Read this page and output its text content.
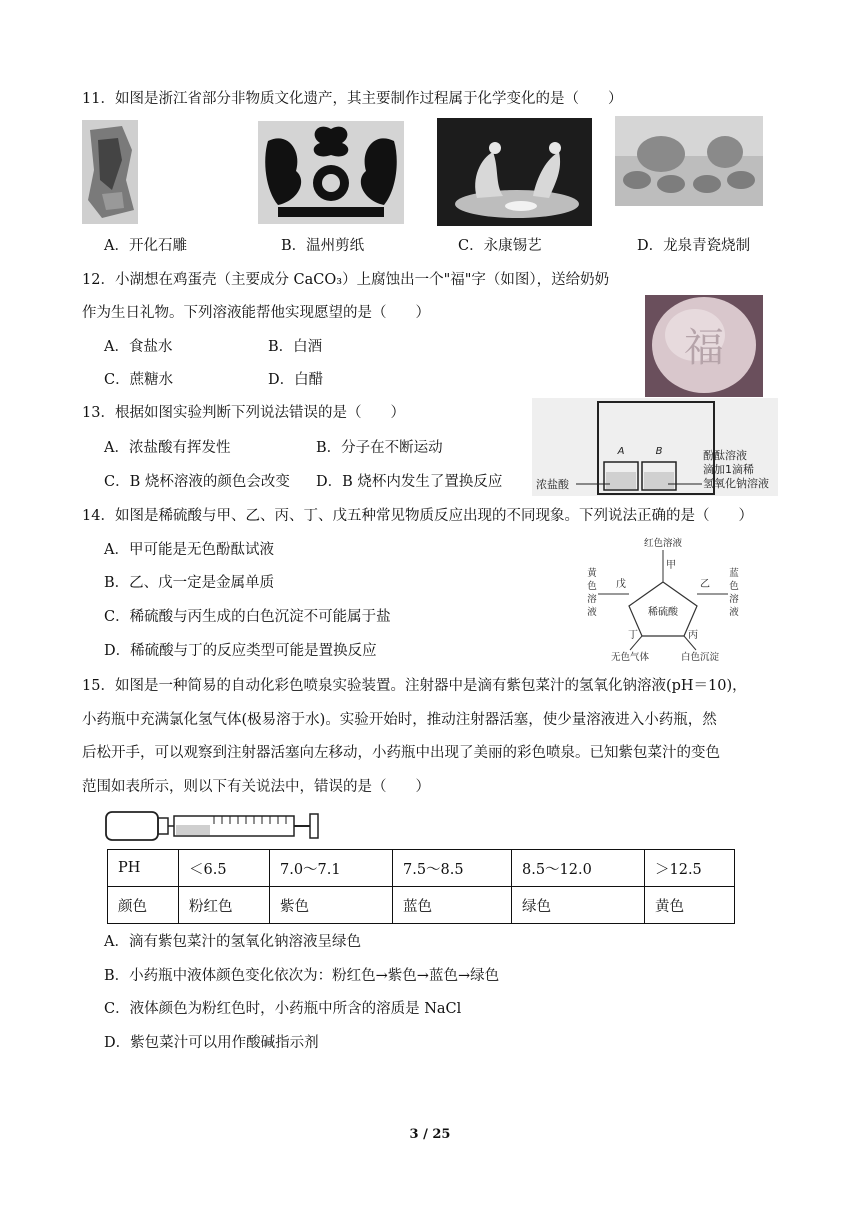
11．如图是浙江省部分非物质文化遗产，其主要制作过程属于化学变化的是（　　）
A．开化石雕	B．温州剪纸	C．永康锡艺	D．龙泉青瓷烧制
12．小湖想在鸡蛋壳（主要成分 CaCO₃）上腐蚀出一个"福"字（如图），送给奶奶
作为生日礼物。下列溶液能帮他实现愿望的是（　　）
A．食盐水	B．白酒
C．蔗糖水	D．白醋
福
13．根据如图实验判断下列说法错误的是（　　）
A．浓盐酸有挥发性	B．分子在不断运动
C．B 烧杯溶液的颜色会改变 D．B 烧杯内发生了置换反应
A	B
浓盐酸
酚酞溶液
滴加1滴稀
氢氧化钠溶液
14．如图是稀硫酸与甲、乙、丙、丁、戊五种常见物质反应出现的不同现象。下列说法正确的是（　　）
A．甲可能是无色酚酞试液
B．乙、戊一定是金属单质
C．稀硫酸与丙生成的白色沉淀不可能属于盐
D．稀硫酸与丁的反应类型可能是置换反应
稀硫酸
甲
红色溶液
乙
蓝
色
溶
液
戊
黄
色
溶
液
丁
无色气体
丙
白色沉淀
15．如图是一种简易的自动化彩色喷泉实验装置。注射器中是滴有紫包菜汁的氢氧化钠溶液(pH＝10)，
小药瓶中充满氯化氢气体(极易溶于水)。实验开始时，推动注射器活塞，使少量溶液进入小药瓶，然
后松开手，可以观察到注射器活塞向左移动，小药瓶中出现了美丽的彩色喷泉。已知紫包菜汁的变色
范围如表所示，则以下有关说法中，错误的是（　　）
PH	＜6.5	7.0～7.1	7.5～8.5	8.5～12.0	＞12.5
颜色	粉红色	紫色	蓝色	绿色	黄色
A．滴有紫包菜汁的氢氧化钠溶液呈绿色
B．小药瓶中液体颜色变化依次为：粉红色→紫色→蓝色→绿色
C．液体颜色为粉红色时，小药瓶中所含的溶质是 NaCl
D．紫包菜汁可以用作酸碱指示剂
3 / 25
